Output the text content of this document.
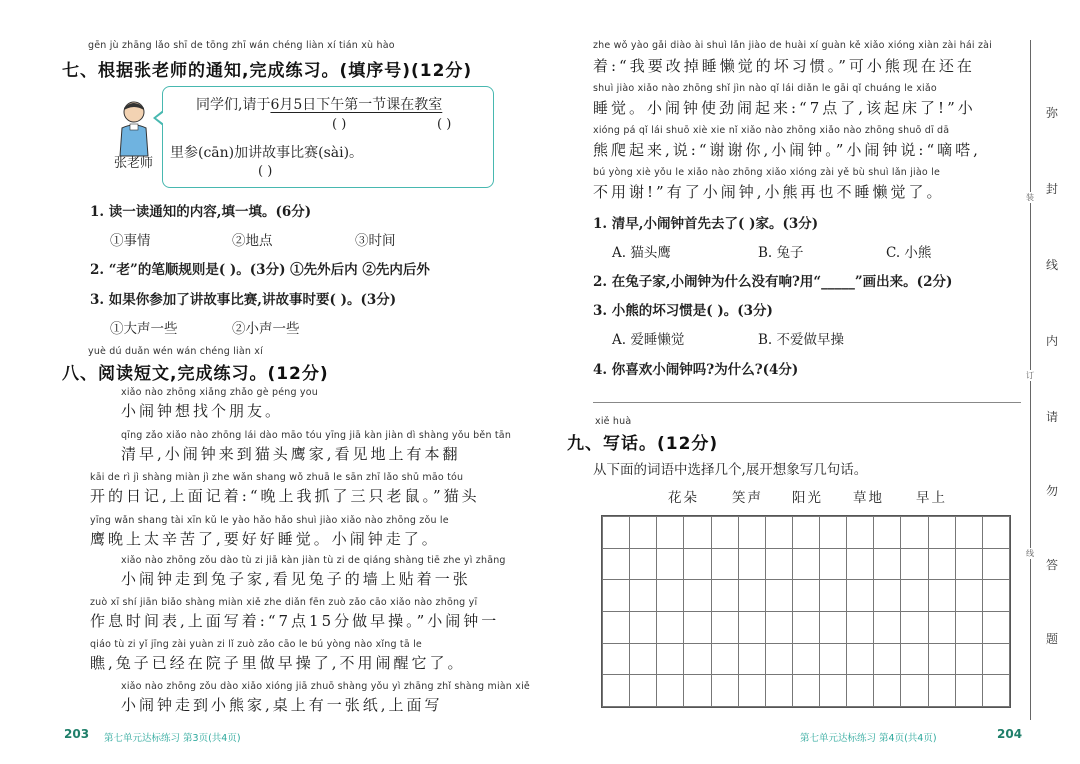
gēn jù zhāng lǎo shī de tōng zhī wán chéng liàn xí tián xù hào
七、根据张老师的通知,完成练习。(填序号)(12分)
张老师
同学们,请于6月5日下午第一节课在教室
( )	( )
里参(cān)加讲故事比赛(sài)。
( )
1. 读一读通知的内容,填一填。(6分)
①事情	②地点	③时间
2. “老”的笔顺规则是( )。(3分) ①先外后内 ②先内后外
3. 如果你参加了讲故事比赛,讲故事时要( )。(3分)
①大声一些	②小声一些
yuè dú duǎn wén wán chéng liàn xí
八、阅读短文,完成练习。(12分)
xiǎo nào zhōng xiǎng zhǎo gè péng you
小闹钟想找个朋友。
qīng zǎo xiǎo nào zhōng lái dào māo tóu yīng jiā kàn jiàn dì shàng yǒu běn tān
清早,小闹钟来到猫头鹰家,看见地上有本翻
kāi de rì jì shàng miàn jì zhe wǎn shang wǒ zhuā le sān zhī lǎo shǔ māo tóu
开的日记,上面记着:“晚上我抓了三只老鼠。”猫头
yīng wǎn shang tài xīn kǔ le yào hǎo hǎo shuì jiào xiǎo nào zhōng zǒu le
鹰晚上太辛苦了,要好好睡觉。小闹钟走了。
xiǎo nào zhōng zǒu dào tù zi jiā kàn jiàn tù zi de qiáng shàng tiē zhe yì zhāng
小闹钟走到兔子家,看见兔子的墙上贴着一张
zuò xī shí jiān biǎo shàng miàn xiě zhe diǎn fēn zuò zǎo cāo xiǎo nào zhōng yī
作息时间表,上面写着:“7点15分做早操。”小闹钟一
qiáo tù zi yǐ jīng zài yuàn zi lǐ zuò zǎo cāo le bú yòng nào xǐng tā le
瞧,兔子已经在院子里做早操了,不用闹醒它了。
xiǎo nào zhōng zǒu dào xiǎo xióng jiā zhuō shàng yǒu yì zhāng zhǐ shàng miàn xiě
小闹钟走到小熊家,桌上有一张纸,上面写
203 第七单元达标练习 第3页(共4页)
zhe wǒ yào gǎi diào ài shuì lǎn jiào de huài xí guàn kě xiǎo xióng xiàn zài hái zài
着:“我要改掉睡懒觉的坏习惯。”可小熊现在还在
shuì jiào xiǎo nào zhōng shǐ jìn nào qǐ lái diǎn le gāi qǐ chuáng le xiǎo
睡觉。小闹钟使劲闹起来:“7点了,该起床了!”小
xióng pá qǐ lái shuō xiè xie nǐ xiǎo nào zhōng xiǎo nào zhōng shuō dī dā
熊爬起来,说:“谢谢你,小闹钟。”小闹钟说:“嘀嗒,
bú yòng xiè yǒu le xiǎo nào zhōng xiǎo xióng zài yě bù shuì lǎn jiào le
不用谢!”有了小闹钟,小熊再也不睡懒觉了。
1. 清早,小闹钟首先去了( )家。(3分)
A. 猫头鹰	B. 兔子	C. 小熊
2. 在兔子家,小闹钟为什么没有响?用“_____”画出来。(2分)
3. 小熊的坏习惯是( )。(3分)
A. 爱睡懒觉	B. 不爱做早操
4. 你喜欢小闹钟吗?为什么?(4分)
xiě huà
九、写话。(12分)
从下面的词语中选择几个,展开想象写几句话。
花朵 笑声 阳光 草地 早上

第七单元达标练习 第4页(共4页)	204
弥
封
线
内
请
勿
答
题
装
订
线
